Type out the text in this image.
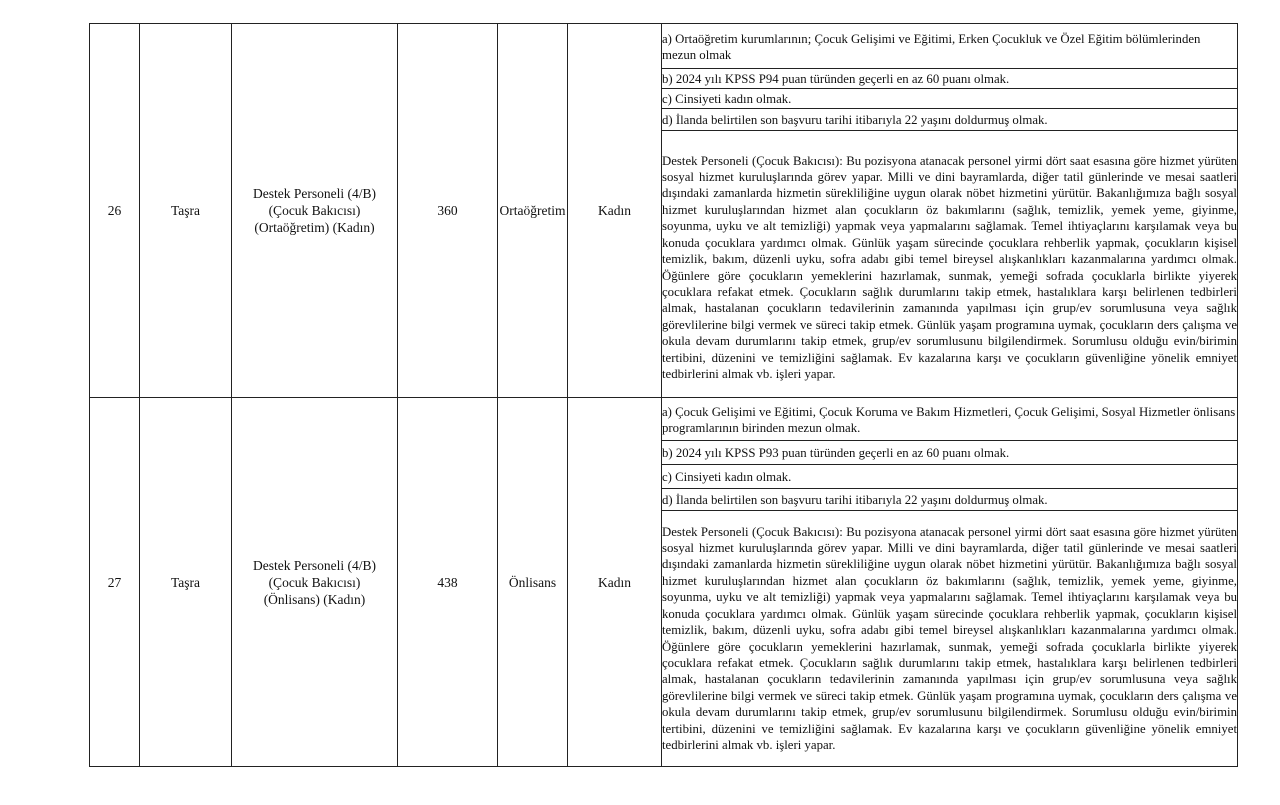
26	Taşra	Destek Personeli (4/B) (Çocuk Bakıcısı) (Ortaöğretim) (Kadın)	360	Ortaöğretim	Kadın	a) Ortaöğretim kurumlarının; Çocuk Gelişimi ve Eğitimi, Erken Çocukluk ve Özel Eğitim bölümlerinden mezun olmak
						b) 2024 yılı KPSS P94 puan türünden geçerli en az 60 puanı olmak.
						c) Cinsiyeti kadın olmak.
						d) İlanda belirtilen son başvuru tarihi itibarıyla 22 yaşını doldurmuş olmak.
						Destek Personeli (Çocuk Bakıcısı): Bu pozisyona atanacak personel yirmi dört saat esasına göre hizmet yürüten sosyal hizmet kuruluşlarında görev yapar. Milli ve dini bayramlarda, diğer tatil günlerinde ve mesai saatleri dışındaki zamanlarda hizmetin sürekliliğine uygun olarak nöbet hizmetini yürütür. Bakanlığımıza bağlı sosyal hizmet kuruluşlarından hizmet alan çocukların öz bakımlarını (sağlık, temizlik, yemek yeme, giyinme, soyunma, uyku ve alt temizliği) yapmak veya yapmalarını sağlamak. Temel ihtiyaçlarını karşılamak veya bu konuda çocuklara yardımcı olmak. Günlük yaşam sürecinde çocuklara rehberlik yapmak, çocukların kişisel temizlik, bakım, düzenli uyku, sofra adabı gibi temel bireysel alışkanlıkları kazanmalarına yardımcı olmak. Öğünlere göre çocukların yemeklerini hazırlamak, sunmak, yemeği sofrada çocuklarla birlikte yiyerek çocuklara refakat etmek. Çocukların sağlık durumlarını takip etmek, hastalıklara karşı belirlenen tedbirleri almak, hastalanan çocukların tedavilerinin zamanında yapılması için grup/ev sorumlusuna veya sağlık görevlilerine bilgi vermek ve süreci takip etmek. Günlük yaşam programına uymak, çocukların ders çalışma ve okula devam durumlarını takip etmek, grup/ev sorumlusunu bilgilendirmek. Sorumlusu olduğu evin/birimin tertibini, düzenini ve temizliğini sağlamak. Ev kazalarına karşı ve çocukların güvenliğine yönelik emniyet tedbirlerini almak vb. işleri yapar.
27	Taşra	Destek Personeli (4/B) (Çocuk Bakıcısı) (Önlisans) (Kadın)	438	Önlisans	Kadın	a) Çocuk Gelişimi ve Eğitimi, Çocuk Koruma ve Bakım Hizmetleri, Çocuk Gelişimi, Sosyal Hizmetler önlisans programlarının birinden mezun olmak.
						b) 2024 yılı KPSS P93 puan türünden geçerli en az 60 puanı olmak.
						c) Cinsiyeti kadın olmak.
						d) İlanda belirtilen son başvuru tarihi itibarıyla 22 yaşını doldurmuş olmak.
						Destek Personeli (Çocuk Bakıcısı): Bu pozisyona atanacak personel yirmi dört saat esasına göre hizmet yürüten sosyal hizmet kuruluşlarında görev yapar. Milli ve dini bayramlarda, diğer tatil günlerinde ve mesai saatleri dışındaki zamanlarda hizmetin sürekliliğine uygun olarak nöbet hizmetini yürütür. Bakanlığımıza bağlı sosyal hizmet kuruluşlarından hizmet alan çocukların öz bakımlarını (sağlık, temizlik, yemek yeme, giyinme, soyunma, uyku ve alt temizliği) yapmak veya yapmalarını sağlamak. Temel ihtiyaçlarını karşılamak veya bu konuda çocuklara yardımcı olmak. Günlük yaşam sürecinde çocuklara rehberlik yapmak, çocukların kişisel temizlik, bakım, düzenli uyku, sofra adabı gibi temel bireysel alışkanlıkları kazanmalarına yardımcı olmak. Öğünlere göre çocukların yemeklerini hazırlamak, sunmak, yemeği sofrada çocuklarla birlikte yiyerek çocuklara refakat etmek. Çocukların sağlık durumlarını takip etmek, hastalıklara karşı belirlenen tedbirleri almak, hastalanan çocukların tedavilerinin zamanında yapılması için grup/ev sorumlusuna veya sağlık görevlilerine bilgi vermek ve süreci takip etmek. Günlük yaşam programına uymak, çocukların ders çalışma ve okula devam durumlarını takip etmek, grup/ev sorumlusunu bilgilendirmek. Sorumlusu olduğu evin/birimin tertibini, düzenini ve temizliğini sağlamak. Ev kazalarına karşı ve çocukların güvenliğine yönelik emniyet tedbirlerini almak vb. işleri yapar.
